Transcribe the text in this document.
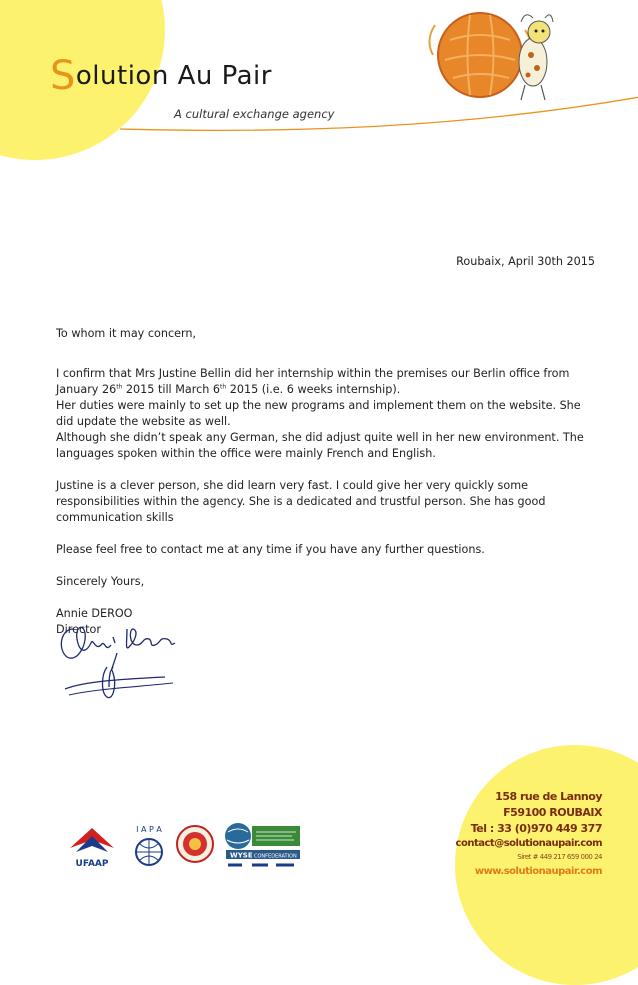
Solution Au Pair
A cultural exchange agency
Roubaix, April 30th 2015
To whom it may concern,

I confirm that Mrs Justine Bellin did her internship within the premises our Berlin office from January 26th 2015 till March 6th 2015 (i.e. 6 weeks internship).

Her duties were mainly to set up the new programs and implement them on the website. She did update the website as well.

Although she didn’t speak any German, she did adjust quite well in her new environment. The languages spoken within the office were mainly French and English.

Justine is a clever person, she did learn very fast. I could give her very quickly some responsibilities within the agency. She is a dedicated and trustful person. She has good communication skills

Please feel free to contact me at any time if you have any further questions.

Sincerely Yours,

Annie DEROO

Director

158 rue de Lannoy
F59100 ROUBAIX
Tel : 33 (0)970 449 377
contact@solutionaupair.com
Siret # 449 217 659 000 24
www.solutionaupair.com
UFAAP
I A P A
WYSE CONFEDERATION
